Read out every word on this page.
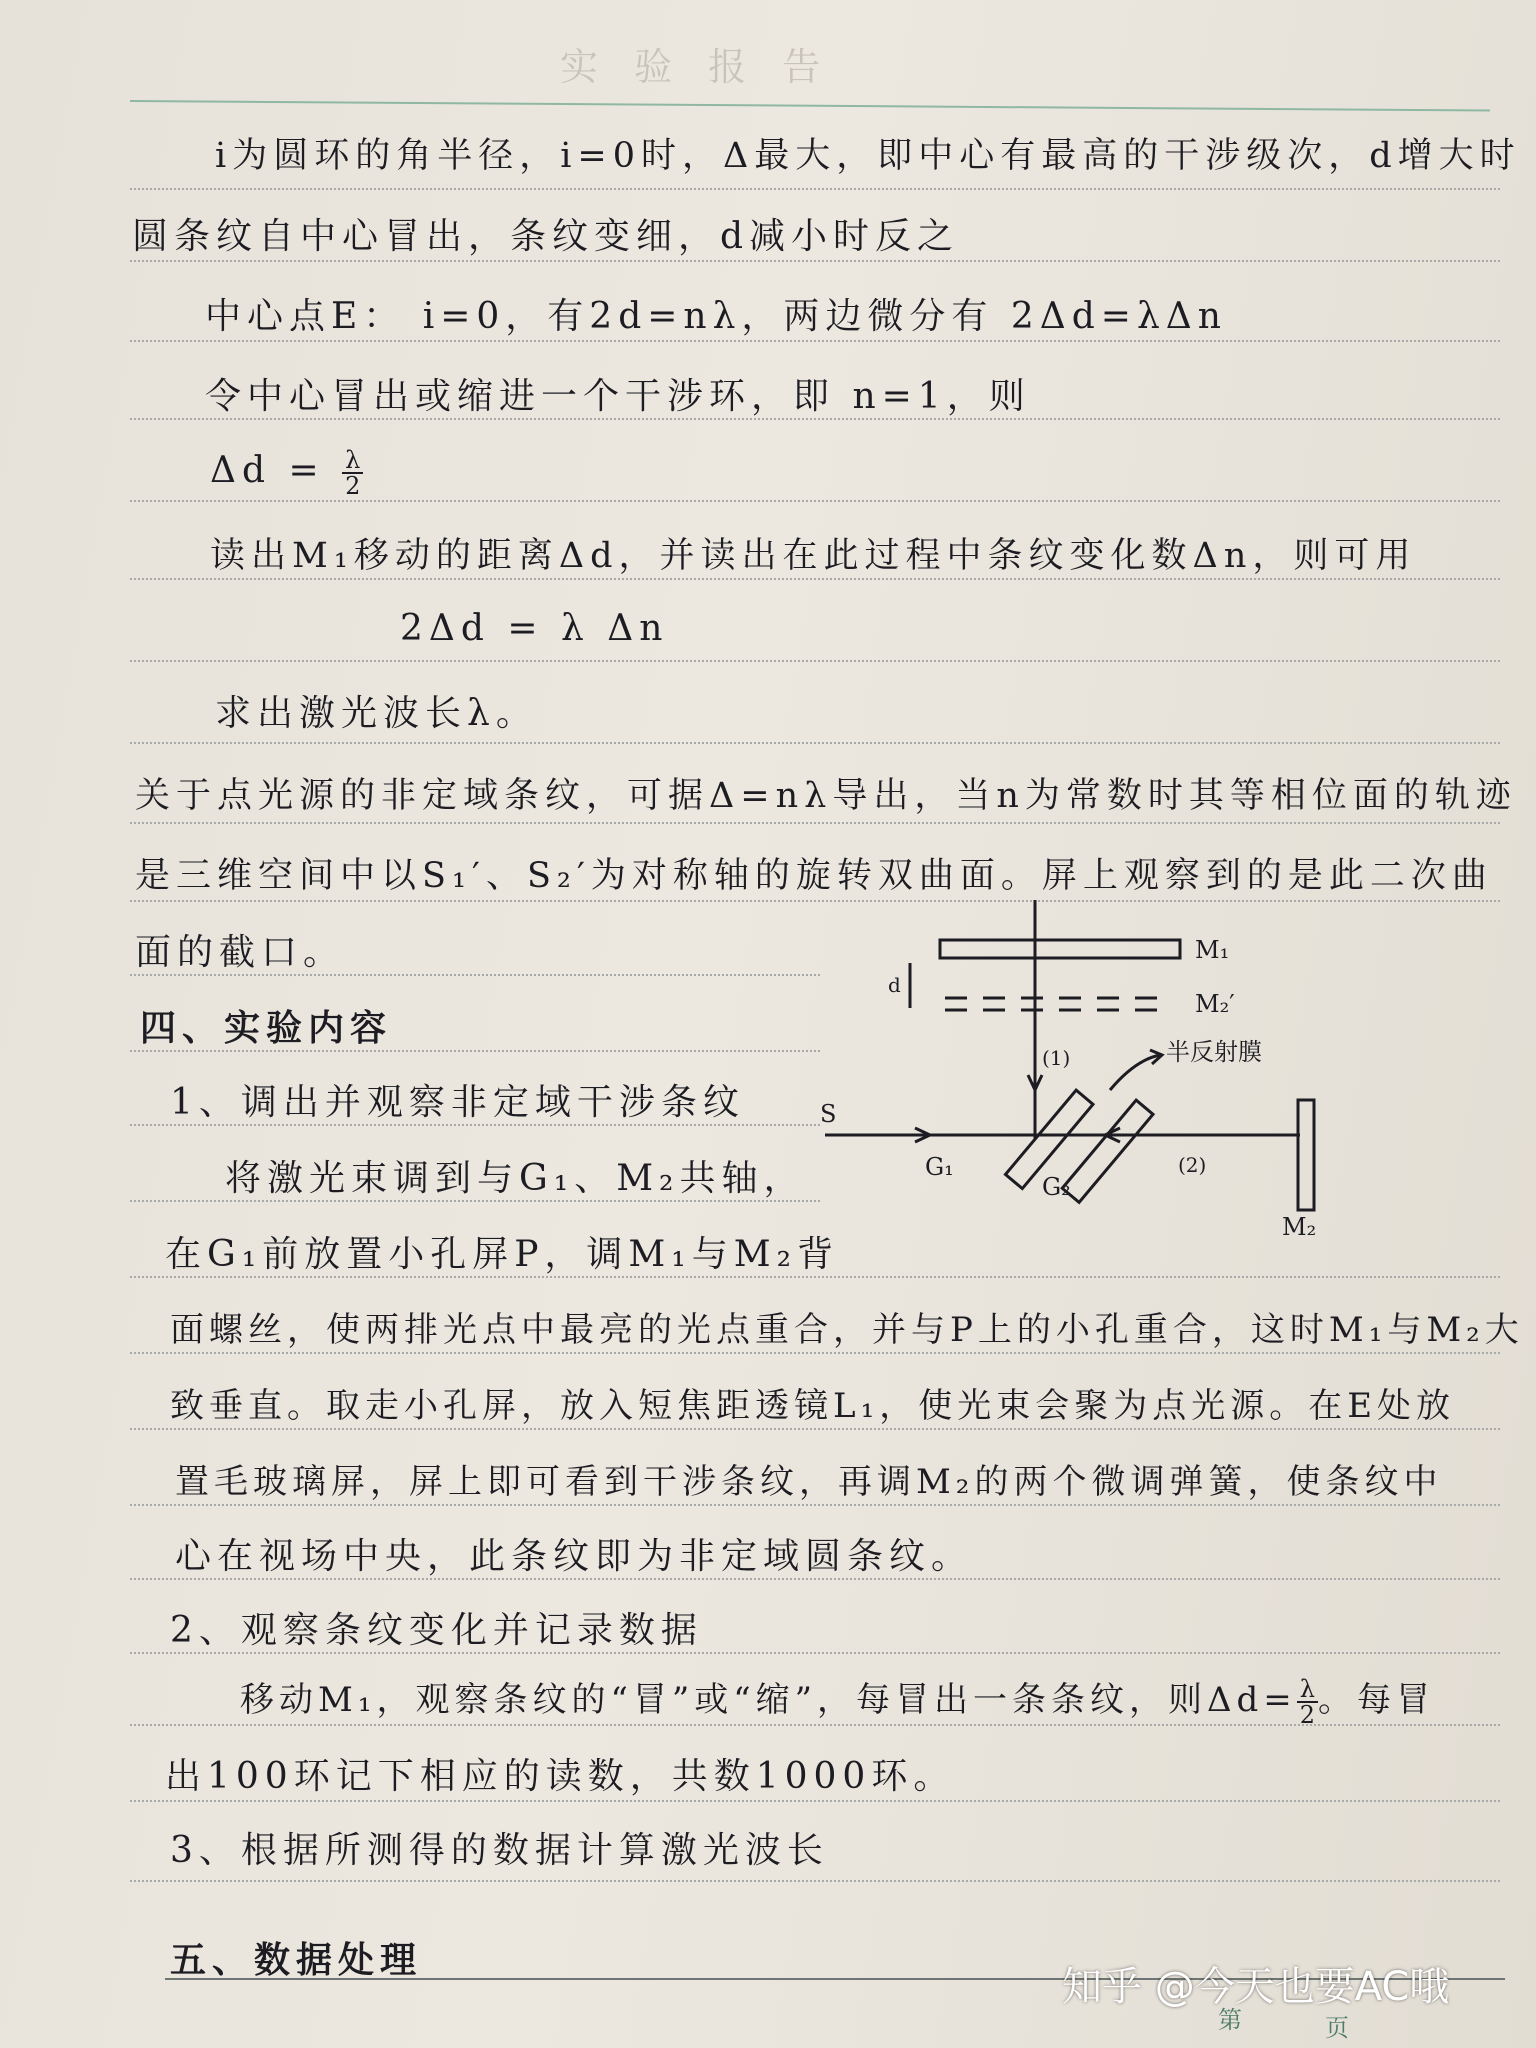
实 验 报 告
i为圆环的角半径，i=0时，Δ最大，即中心有最高的干涉级次，d增大时
圆条纹自中心冒出，条纹变细，d减小时反之
中心点E： i=0，有2d=nλ，两边微分有 2Δd=λΔn
令中心冒出或缩进一个干涉环，即 n=1，则
$\Delta d = \frac{\lambda}{2}$
读出M₁移动的距离Δd，并读出在此过程中条纹变化数Δn，则可用
2Δd = λ Δn
求出激光波长λ。
关于点光源的非定域条纹，可据Δ=nλ导出，当n为常数时其等相位面的轨迹
是三维空间中以S₁′、S₂′为对称轴的旋转双曲面。屏上观察到的是此二次曲
面的截口。
四、实验内容
1、调出并观察非定域干涉条纹
将激光束调到与G₁、M₂共轴，
在G₁前放置小孔屏P，调M₁与M₂背
面螺丝，使两排光点中最亮的光点重合，并与P上的小孔重合，这时M₁与M₂大
致垂直。取走小孔屏，放入短焦距透镜L₁，使光束会聚为点光源。在E处放
置毛玻璃屏，屏上即可看到干涉条纹，再调M₂的两个微调弹簧，使条纹中
心在视场中央，此条纹即为非定域圆条纹。
2、观察条纹变化并记录数据
移动M₁，观察条纹的“冒”或“缩”，每冒出一条条纹，则$\Delta d= \frac{\lambda}{2}$ 。每冒
出100环记下相应的读数，共数1000环。
3、根据所测得的数据计算激光波长
五、数据处理
M₁
M₂′
d
(1)	半反射膜
S
G₁
G₂
(2)
M₂
第	页
知乎 @今天也要AC哦
